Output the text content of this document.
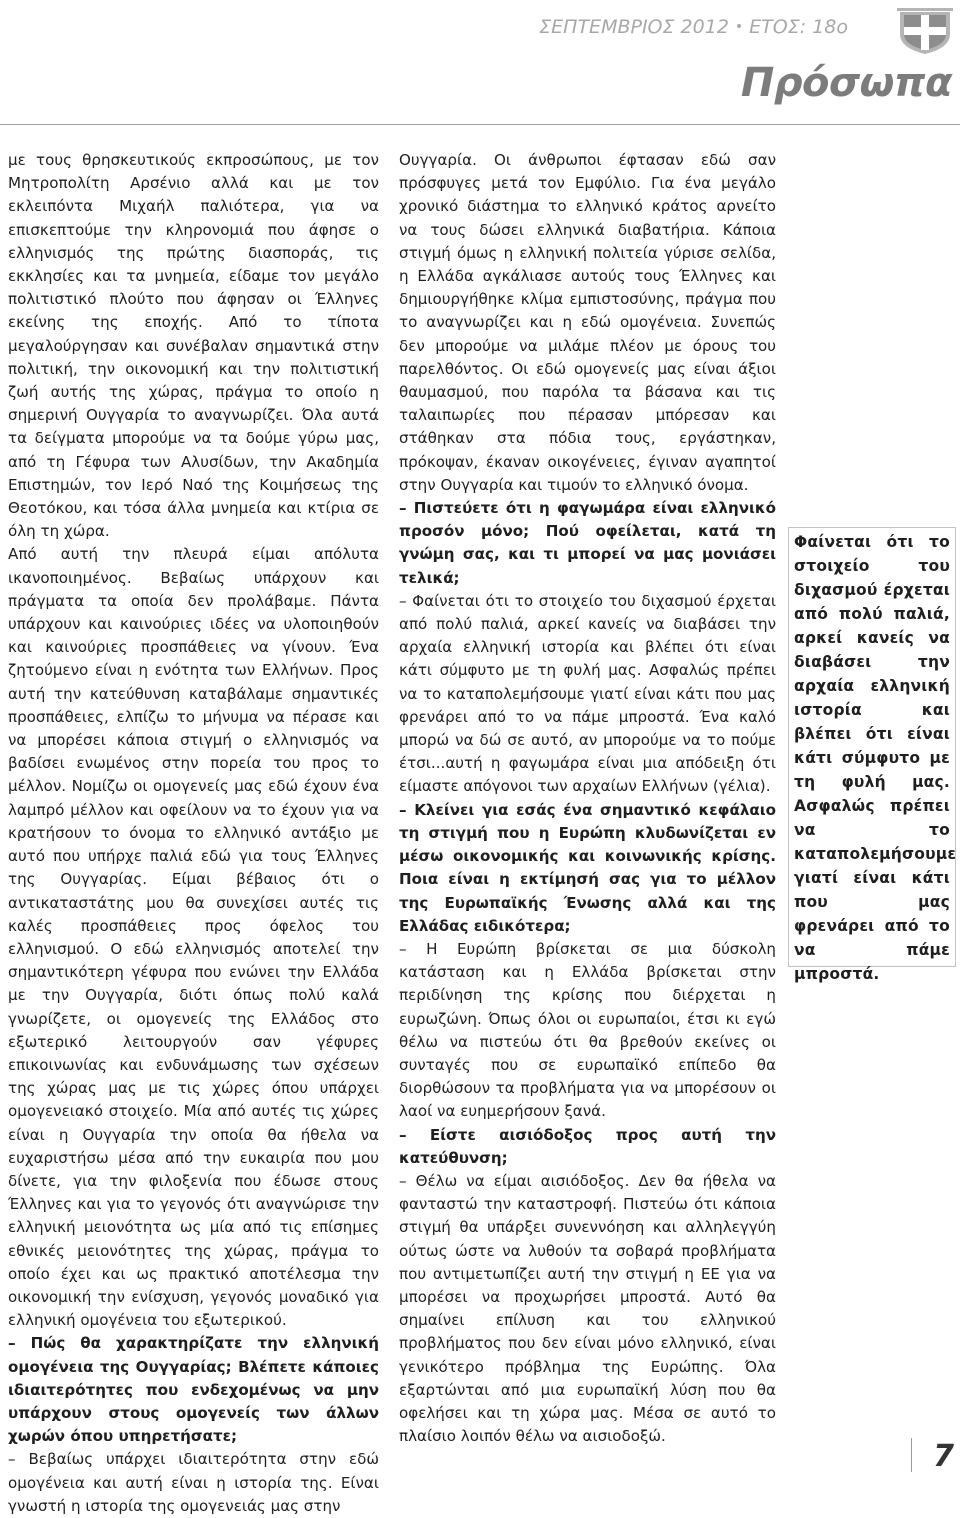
ΣΕΠΤΕΜΒΡΙΟΣ 2012 • ΕΤΟΣ: 18ο
Πρόσωπα

με τους θρησκευτικούς εκπροσώπους, με τον Μητροπολίτη Αρσένιο αλλά και με τον εκλειπόντα Μιχαήλ παλιότερα, για να επισκεπτούμε την κληρονομιά που άφησε ο ελληνισμός της πρώτης διασποράς, τις εκκλησίες και τα μνημεία, είδαμε τον μεγάλο πολιτιστικό πλούτο που άφησαν οι Έλληνες εκείνης της εποχής. Από το τίποτα μεγαλούργησαν και συνέβαλαν σημαντικά στην πολιτική, την οικονομική και την πολιτιστική ζωή αυτής της χώρας, πράγμα το οποίο η σημερινή Ουγγαρία το αναγνωρίζει. Όλα αυτά τα δείγματα μπορούμε να τα δούμε γύρω μας, από τη Γέφυρα των Αλυσίδων, την Ακαδημία Επιστημών, τον Ιερό Ναό της Κοιμήσεως της Θεοτόκου, και τόσα άλλα μνημεία και κτίρια σε όλη τη χώρα.

Από αυτή την πλευρά είμαι απόλυτα ικανοποιημένος. Βεβαίως υπάρχουν και πράγματα τα οποία δεν προλάβαμε. Πάντα υπάρχουν και καινούριες ιδέες να υλοποιηθούν και καινούριες προσπάθειες να γίνουν. Ένα ζητούμενο είναι η ενότητα των Ελλήνων. Προς αυτή την κατεύθυνση καταβάλαμε σημαντικές προσπάθειες, ελπίζω το μήνυμα να πέρασε και να μπορέσει κάποια στιγμή ο ελληνισμός να βαδίσει ενωμένος στην πορεία του προς το μέλλον. Νομίζω οι ομογενείς μας εδώ έχουν ένα λαμπρό μέλλον και οφείλουν να το έχουν για να κρατήσουν το όνομα το ελληνικό αντάξιο με αυτό που υπήρχε παλιά εδώ για τους Έλληνες της Ουγγαρίας. Είμαι βέβαιος ότι ο αντικαταστάτης μου θα συνεχίσει αυτές τις καλές προσπάθειες προς όφελος του ελληνισμού. Ο εδώ ελληνισμός αποτελεί την σημαντικότερη γέφυρα που ενώνει την Ελλάδα με την Ουγγαρία, διότι όπως πολύ καλά γνωρίζετε, οι ομογενείς της Ελλάδος στο εξωτερικό λειτουργούν σαν γέφυρες επικοινωνίας και ενδυνάμωσης των σχέσεων της χώρας μας με τις χώρες όπου υπάρχει ομογενειακό στοιχείο. Μία από αυτές τις χώρες είναι η Ουγγαρία την οποία θα ήθελα να ευχαριστήσω μέσα από την ευκαιρία που μου δίνετε, για την φιλοξενία που έδωσε στους Έλληνες και για το γεγονός ότι αναγνώρισε την ελληνική μειονότητα ως μία από τις επίσημες εθνικές μειονότητες της χώρας, πράγμα το οποίο έχει και ως πρακτικό αποτέλεσμα την οικονομική την ενίσχυση, γεγονός μοναδικό για ελληνική ομογένεια του εξωτερικού.

– Πώς θα χαρακτηρίζατε την ελληνική ομογένεια της Ουγγαρίας; Βλέπετε κάποιες ιδιαιτερότητες που ενδεχομένως να μην υπάρχουν στους ομογενείς των άλλων χωρών όπου υπηρετήσατε;

– Βεβαίως υπάρχει ιδιαιτερότητα στην εδώ ομογένεια και αυτή είναι η ιστορία της. Είναι γνωστή η ιστορία της ομογενειάς μας στην

Ουγγαρία. Οι άνθρωποι έφτασαν εδώ σαν πρόσφυγες μετά τον Εμφύλιο. Για ένα μεγάλο χρονικό διάστημα το ελληνικό κράτος αρνείτο να τους δώσει ελληνικά διαβατήρια. Κάποια στιγμή όμως η ελληνική πολιτεία γύρισε σελίδα, η Ελλάδα αγκάλιασε αυτούς τους Έλληνες και δημιουργήθηκε κλίμα εμπιστοσύνης, πράγμα που το αναγνωρίζει και η εδώ ομογένεια. Συνεπώς δεν μπορούμε να μιλάμε πλέον με όρους του παρελθόντος. Οι εδώ ομογενείς μας είναι άξιοι θαυμασμού, που παρόλα τα βάσανα και τις ταλαιπωρίες που πέρασαν μπόρεσαν και στάθηκαν στα πόδια τους, εργάστηκαν, πρόκοψαν, έκαναν οικογένειες, έγιναν αγαπητοί στην Ουγγαρία και τιμούν το ελληνικό όνομα.

– Πιστεύετε ότι η φαγωμάρα είναι ελληνικό προσόν μόνο; Πού οφείλεται, κατά τη γνώμη σας, και τι μπορεί να μας μονιάσει τελικά;

– Φαίνεται ότι το στοιχείο του διχασμού έρχεται από πολύ παλιά, αρκεί κανείς να διαβάσει την αρχαία ελληνική ιστορία και βλέπει ότι είναι κάτι σύμφυτο με τη φυλή μας. Ασφαλώς πρέπει να το καταπολεμήσουμε γιατί είναι κάτι που μας φρενάρει από το να πάμε μπροστά. Ένα καλό μπορώ να δώ σε αυτό, αν μπορούμε να το πούμε έτσι...αυτή η φαγωμάρα είναι μια απόδειξη ότι είμαστε απόγονοι των αρχαίων Ελλήνων (γέλια).

– Κλείνει για εσάς ένα σημαντικό κεφάλαιο τη στιγμή που η Ευρώπη κλυδωνίζεται εν μέσω οικονομικής και κοινωνικής κρίσης. Ποια είναι η εκτίμησή σας για το μέλλον της Ευρωπαϊκής Ένωσης αλλά και της Ελλάδας ειδικότερα;

– Η Ευρώπη βρίσκεται σε μια δύσκολη κατάσταση και η Ελλάδα βρίσκεται στην περιδίνηση της κρίσης που διέρχεται η ευρωζώνη. Όπως όλοι οι ευρωπαίοι, έτσι κι εγώ θέλω να πιστεύω ότι θα βρεθούν εκείνες οι συνταγές που σε ευρωπαϊκό επίπεδο θα διορθώσουν τα προβλήματα για να μπορέσουν οι λαοί να ευημερήσουν ξανά.

– Είστε αισιόδοξος προς αυτή την κατεύθυνση;

– Θέλω να είμαι αισιόδοξος. Δεν θα ήθελα να φανταστώ την καταστροφή. Πιστεύω ότι κάποια στιγμή θα υπάρξει συνεννόηση και αλληλεγγύη ούτως ώστε να λυθούν τα σοβαρά προβλήματα που αντιμετωπίζει αυτή την στιγμή η ΕΕ για να μπορέσει να προχωρήσει μπροστά. Αυτό θα σημαίνει επίλυση και του ελληνικού προβλήματος που δεν είναι μόνο ελληνικό, είναι γενικότερο πρόβλημα της Ευρώπης. Όλα εξαρτώνται από μια ευρωπαϊκή λύση που θα οφελήσει και τη χώρα μας. Μέσα σε αυτό το πλαίσιο λοιπόν θέλω να αισιοδοξώ.

Φαίνεται ότι το στοιχείο του διχασμού έρχεται από πολύ παλιά, αρκεί κανείς να διαβάσει την αρχαία ελληνική ιστορία και βλέπει ότι είναι κάτι σύμφυτο με τη φυλή μας. Ασφαλώς πρέπει να το καταπολεμήσουμε γιατί είναι κάτι που μας φρενάρει από το να πάμε μπροστά.

7
